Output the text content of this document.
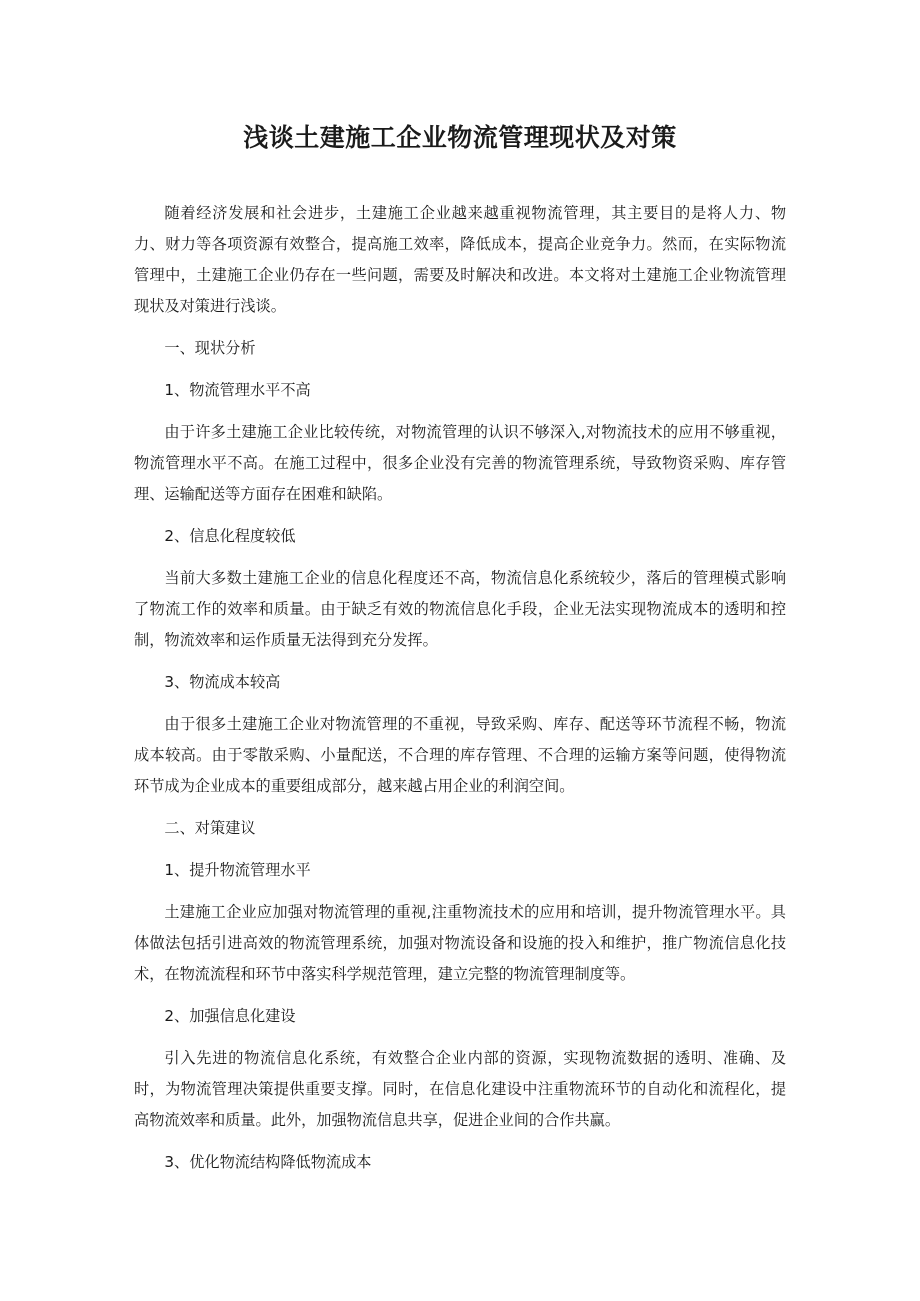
浅谈土建施工企业物流管理现状及对策

随着经济发展和社会进步，土建施工企业越来越重视物流管理，其主要目的是将人力、物力、财力等各项资源有效整合，提高施工效率，降低成本，提高企业竞争力。然而，在实际物流管理中，土建施工企业仍存在一些问题，需要及时解决和改进。本文将对土建施工企业物流管理现状及对策进行浅谈。

一、现状分析

1、物流管理水平不高

由于许多土建施工企业比较传统，对物流管理的认识不够深入,对物流技术的应用不够重视，物流管理水平不高。在施工过程中，很多企业没有完善的物流管理系统，导致物资采购、库存管理、运输配送等方面存在困难和缺陷。

2、信息化程度较低

当前大多数土建施工企业的信息化程度还不高，物流信息化系统较少，落后的管理模式影响了物流工作的效率和质量。由于缺乏有效的物流信息化手段，企业无法实现物流成本的透明和控制，物流效率和运作质量无法得到充分发挥。

3、物流成本较高

由于很多土建施工企业对物流管理的不重视，导致采购、库存、配送等环节流程不畅，物流成本较高。由于零散采购、小量配送，不合理的库存管理、不合理的运输方案等问题，使得物流环节成为企业成本的重要组成部分，越来越占用企业的利润空间。

二、对策建议

1、提升物流管理水平

土建施工企业应加强对物流管理的重视,注重物流技术的应用和培训，提升物流管理水平。具体做法包括引进高效的物流管理系统，加强对物流设备和设施的投入和维护，推广物流信息化技术，在物流流程和环节中落实科学规范管理，建立完整的物流管理制度等。

2、加强信息化建设

引入先进的物流信息化系统，有效整合企业内部的资源，实现物流数据的透明、准确、及时，为物流管理决策提供重要支撑。同时，在信息化建设中注重物流环节的自动化和流程化，提高物流效率和质量。此外，加强物流信息共享，促进企业间的合作共赢。

3、优化物流结构降低物流成本
